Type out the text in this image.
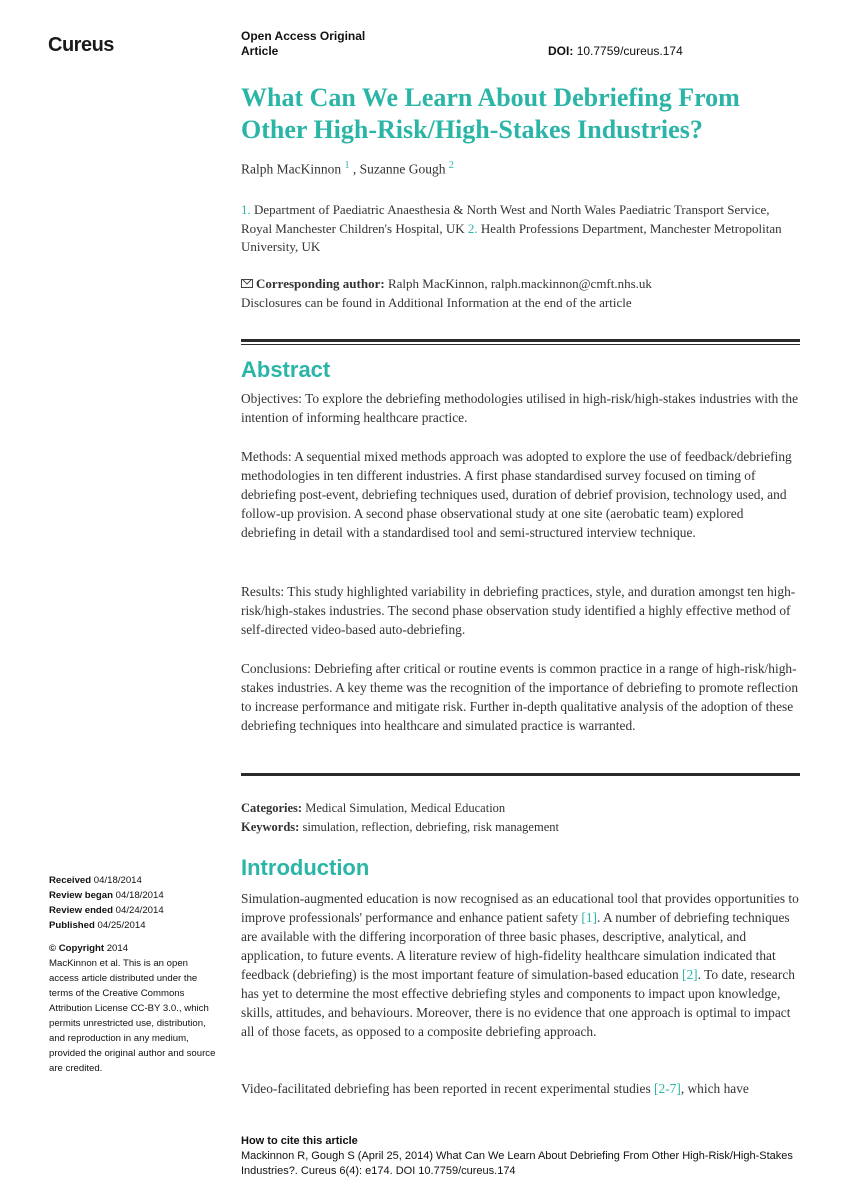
Cureus	Open Access Original
Article	DOI: 10.7759/cureus.174
What Can We Learn About Debriefing From Other High-Risk/High-Stakes Industries?
Ralph MacKinnon $^1$ , Suzanne Gough $^2$
1. Department of Paediatric Anaesthesia & North West and North Wales Paediatric Transport Service, Royal Manchester Children's Hospital, UK 2. Health Professions Department, Manchester Metropolitan University, UK
Corresponding author: Ralph MacKinnon, ralph.mackinnon@cmft.nhs.uk
Disclosures can be found in Additional Information at the end of the article
Abstract
Objectives: To explore the debriefing methodologies utilised in high-risk/high-stakes industries with the intention of informing healthcare practice.
Methods: A sequential mixed methods approach was adopted to explore the use of feedback/debriefing methodologies in ten different industries. A first phase standardised survey focused on timing of debriefing post-event, debriefing techniques used, duration of debrief provision, technology used, and follow-up provision. A second phase observational study at one site (aerobatic team) explored debriefing in detail with a standardised tool and semi-structured interview technique.
Results: This study highlighted variability in debriefing practices, style, and duration amongst ten high-risk/high-stakes industries. The second phase observation study identified a highly effective method of self-directed video-based auto-debriefing.
Conclusions: Debriefing after critical or routine events is common practice in a range of high-risk/high-stakes industries. A key theme was the recognition of the importance of debriefing to promote reflection to increase performance and mitigate risk. Further in-depth qualitative analysis of the adoption of these debriefing techniques into healthcare and simulated practice is warranted.
Categories: Medical Simulation, Medical Education
Keywords: simulation, reflection, debriefing, risk management
Introduction
Simulation-augmented education is now recognised as an educational tool that provides opportunities to improve professionals' performance and enhance patient safety [1]. A number of debriefing techniques are available with the differing incorporation of three basic phases, descriptive, analytical, and application, to future events. A literature review of high-fidelity healthcare simulation indicated that feedback (debriefing) is the most important feature of simulation-based education [2]. To date, research has yet to determine the most effective debriefing styles and components to impact upon knowledge, skills, attitudes, and behaviours. Moreover, there is no evidence that one approach is optimal to impact all of those facets, as opposed to a composite debriefing approach.
Video-facilitated debriefing has been reported in recent experimental studies [2-7], which have
Received 04/18/2014
Review began 04/18/2014
Review ended 04/24/2014
Published 04/25/2014
© Copyright 2014
MacKinnon et al. This is an open access article distributed under the terms of the Creative Commons Attribution License CC-BY 3.0., which permits unrestricted use, distribution, and reproduction in any medium, provided the original author and source are credited.
How to cite this article
Mackinnon R, Gough S (April 25, 2014) What Can We Learn About Debriefing From Other High-Risk/High-Stakes Industries?. Cureus 6(4): e174. DOI 10.7759/cureus.174
